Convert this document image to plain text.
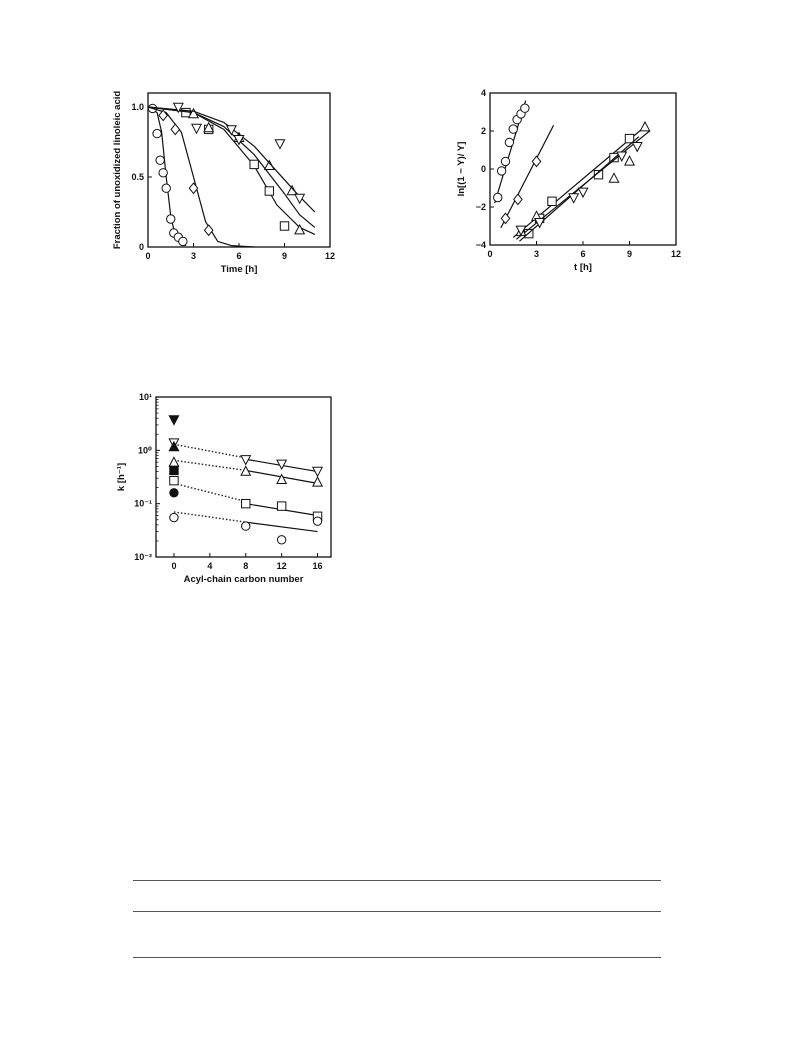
0	3	6	9	12
0
0.5
1.0
Time [h]
Fraction of unoxidized linoleic acid
0	3	6	9	12
−4
−2
0
2
4
t [h]
ln[(1 − Y)/ Y]
0	4	8	12	16
10⁻²
10⁻¹
10⁰
10¹
Acyl-chain carbon number
k [h⁻¹]
